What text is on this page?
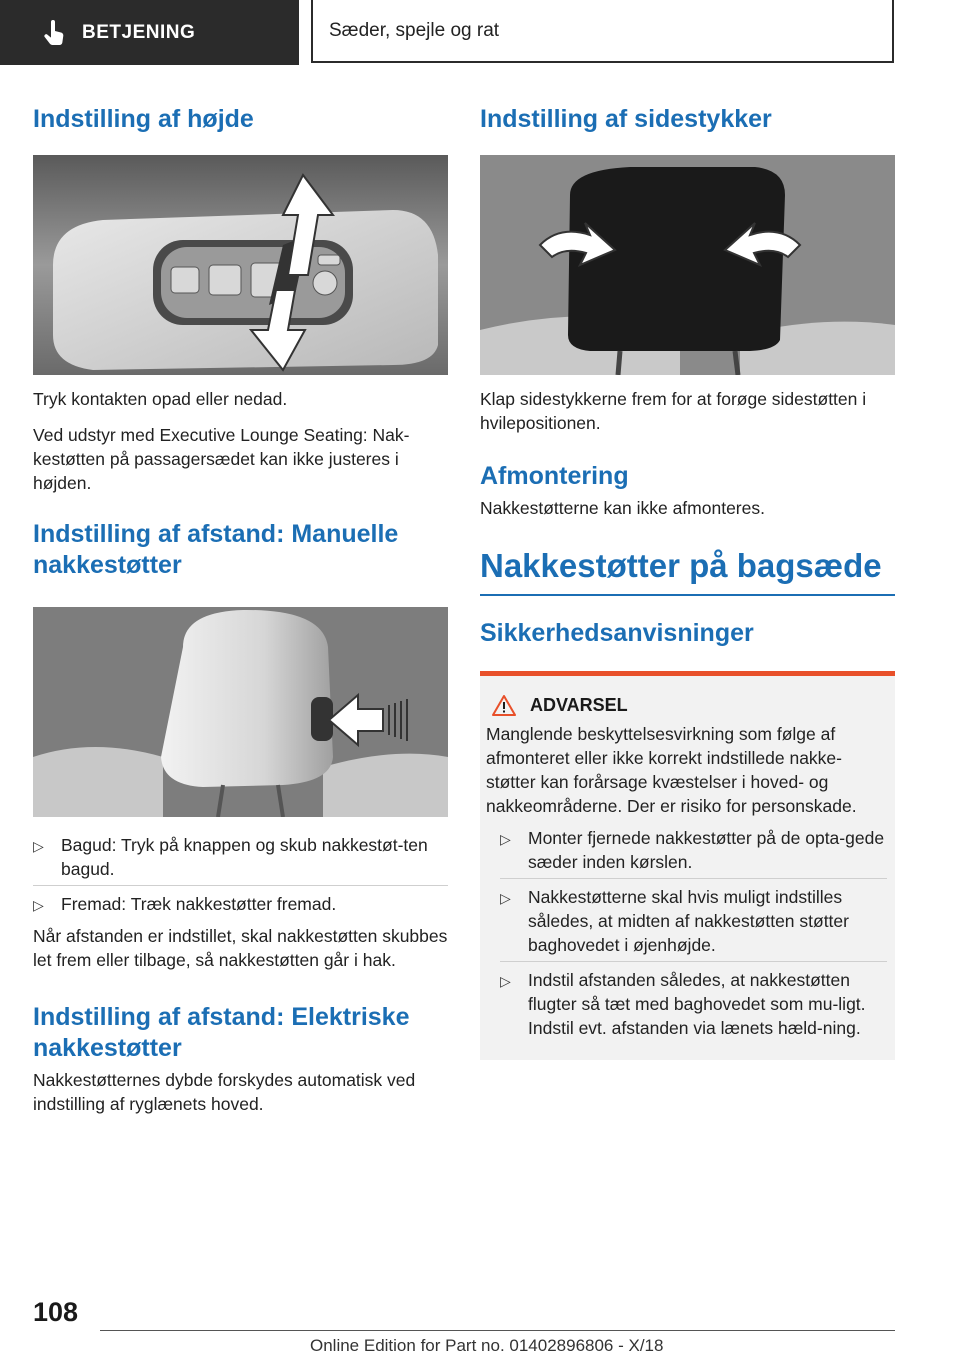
BETJENING	Sæder, spejle og rat
Indstilling af højde

Tryk kontakten opad eller nedad.

Ved udstyr med Executive Lounge Seating: Nak-kestøtten på passagersædet kan ikke justeres i højden.

Indstilling af afstand: Manuelle nakkestøtter
▷ Bagud: Tryk på knappen og skub nakkestøt-ten bagud.
▷ Fremad: Træk nakkestøtter fremad.

Når afstanden er indstillet, skal nakkestøtten skubbes let frem eller tilbage, så nakkestøtten går i hak.

Indstilling af afstand: Elektriske nakkestøtter

Nakkestøtternes dybde forskydes automatisk ved indstilling af ryglænets hoved.

Indstilling af sidestykker

Klap sidestykkerne frem for at forøge sidestøtten i hvilepositionen.

Afmontering

Nakkestøtterne kan ikke afmonteres.

Nakkestøtter på bagsæde
Sikkerhedsanvisninger
ADVARSEL

Manglende beskyttelsesvirkning som følge af afmonteret eller ikke korrekt indstillede nakke-støtter kan forårsage kvæstelser i hoved- og nakkeområderne. Der er risiko for personskade.

▷ Monter fjernede nakkestøtter på de opta-gede sæder inden kørslen.
▷ Nakkestøtterne skal hvis muligt indstilles således, at midten af nakkestøtten støtter baghovedet i øjenhøjde.
▷ Indstil afstanden således, at nakkestøtten flugter så tæt med baghovedet som mu-ligt. Indstil evt. afstanden via lænets hæld-ning.
108
Online Edition for Part no. 01402896806 - X/18
